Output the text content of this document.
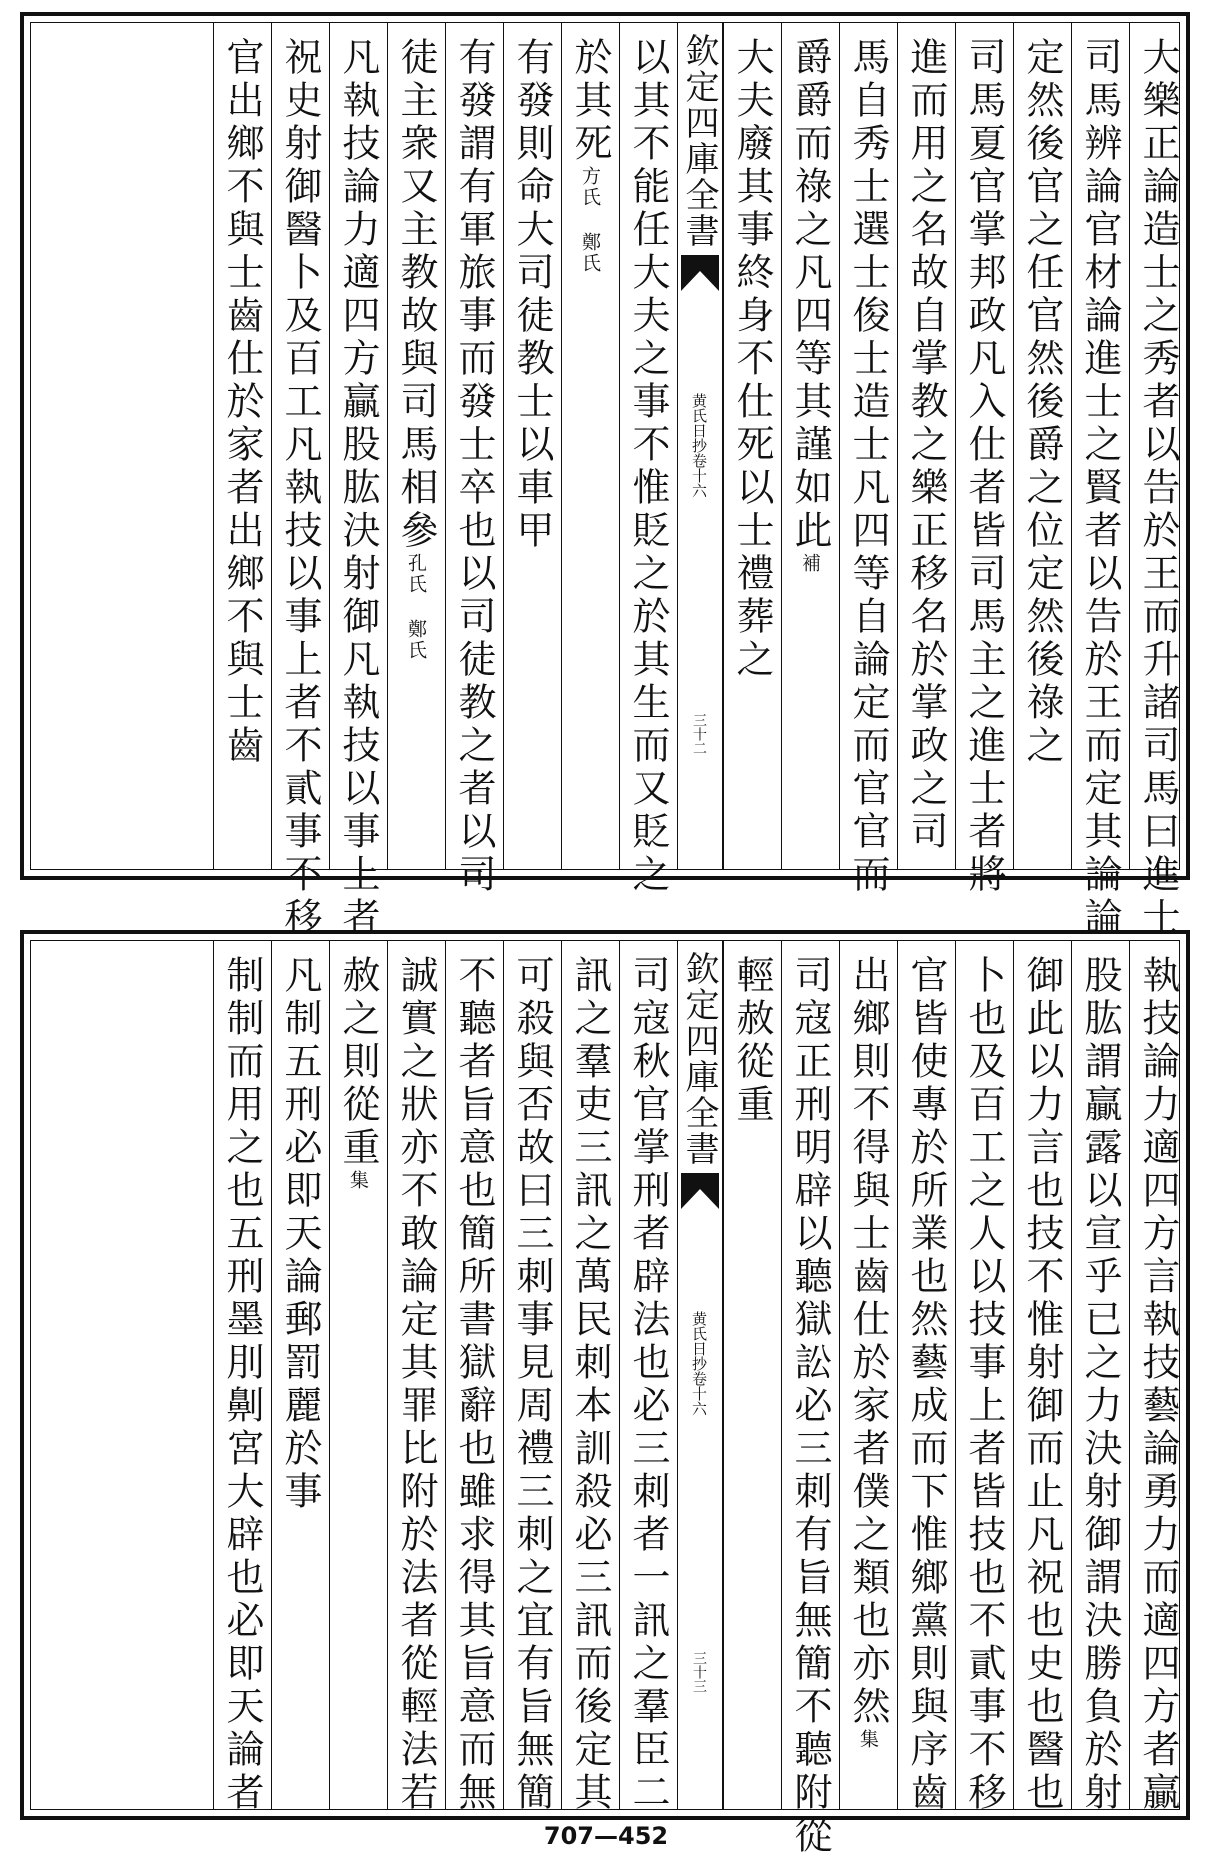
大樂正論造士之秀者以告於王而升諸司馬曰進士
司馬辨論官材論進士之賢者以告於王而定其論論
定然後官之任官然後爵之位定然後祿之
司馬夏官掌邦政凡入仕者皆司馬主之進士者將
進而用之名故自掌教之樂正移名於掌政之司
馬自秀士選士俊士造士凡四等自論定而官官而
爵爵而祿之凡四等其謹如此補
大夫廢其事終身不仕死以士禮葬之
欽定四庫全書
黄氏日抄卷十六
三十二
以其不能任大夫之事不惟貶之於其生而又貶之
於其死方氏 鄭氏
有發則命大司徒教士以車甲
有發謂有軍旅事而發士卒也以司徒教之者以司
徒主衆又主教故與司馬相參孔氏 鄭氏
凡執技論力適四方贏股肱決射御凡執技以事上者
祝史射御醫卜及百工凡執技以事上者不貳事不移
官出鄉不與士齒仕於家者出鄉不與士齒
執技論力適四方言執技藝論勇力而適四方者贏
股肱謂贏露以宣乎已之力決射御謂決勝負於射
御此以力言也技不惟射御而止凡祝也史也醫也
卜也及百工之人以技事上者皆技也不貳事不移
官皆使專於所業也然藝成而下惟鄉黨則與序齒
出鄉則不得與士齒仕於家者僕之類也亦然集
司寇正刑明辟以聽獄訟必三刺有旨無簡不聽附從
輕赦從重
欽定四庫全書
黄氏日抄卷十六
三十三
司寇秋官掌刑者辟法也必三刺者一訊之羣臣二
訊之羣吏三訊之萬民刺本訓殺必三訊而後定其
可殺與否故曰三刺事見周禮三刺之宜有旨無簡
不聽者旨意也簡所書獄辭也雖求得其旨意而無
誠實之狀亦不敢論定其罪比附於法者從輕法若
赦之則從重集
凡制五刑必即天論郵罰麗於事
制制而用之也五刑墨刖劓宮大辟也必即天論者
707—452
